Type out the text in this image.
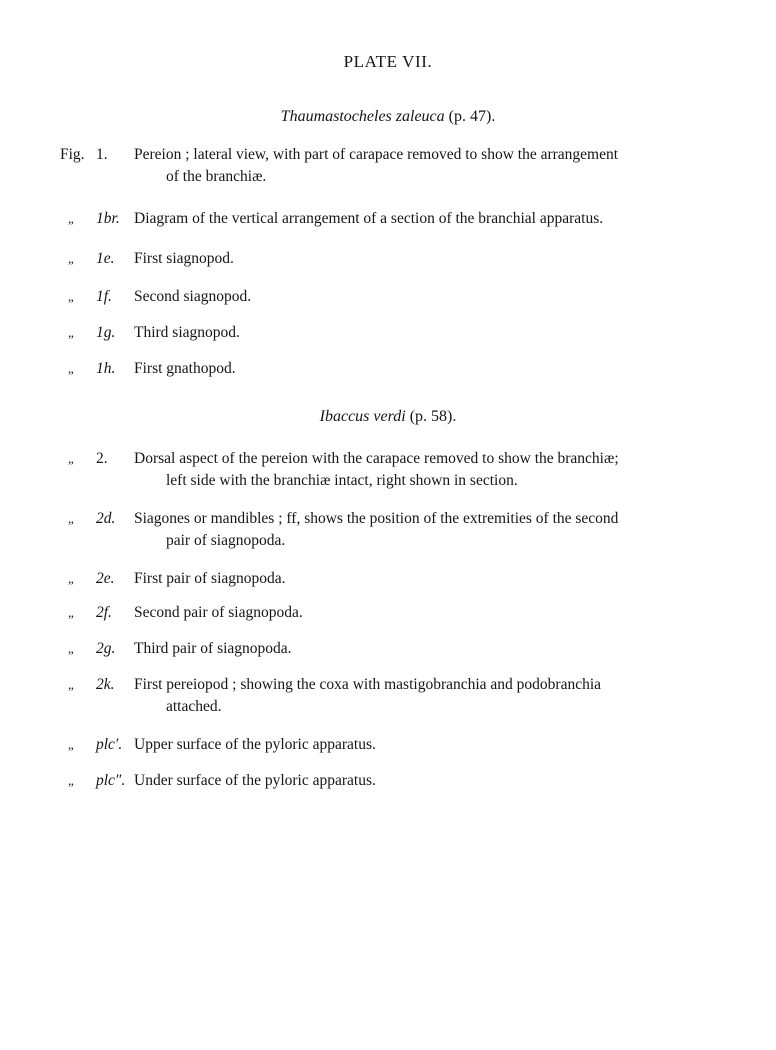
PLATE VII.
Thaumastocheles zaleuca (p. 47).
Fig. 1. Pereion ; lateral view, with part of carapace removed to show the arrangement
of the branchiæ.
„ 1br. Diagram of the vertical arrangement of a section of the branchial apparatus.
„ 1e. First siagnopod.
„ 1f. Second siagnopod.
„ 1g. Third siagnopod.
„ 1h. First gnathopod.
Ibaccus verdi (p. 58).
„ 2. Dorsal aspect of the pereion with the carapace removed to show the branchiæ;
left side with the branchiæ intact, right shown in section.
„ 2d. Siagones or mandibles ; ff, shows the position of the extremities of the second
pair of siagnopoda.
„ 2e. First pair of siagnopoda.
„ 2f. Second pair of siagnopoda.
„ 2g. Third pair of siagnopoda.
„ 2k. First pereiopod ; showing the coxa with mastigobranchia and podobranchia
attached.
„ plc′. Upper surface of the pyloric apparatus.
„ plc″. Under surface of the pyloric apparatus.
